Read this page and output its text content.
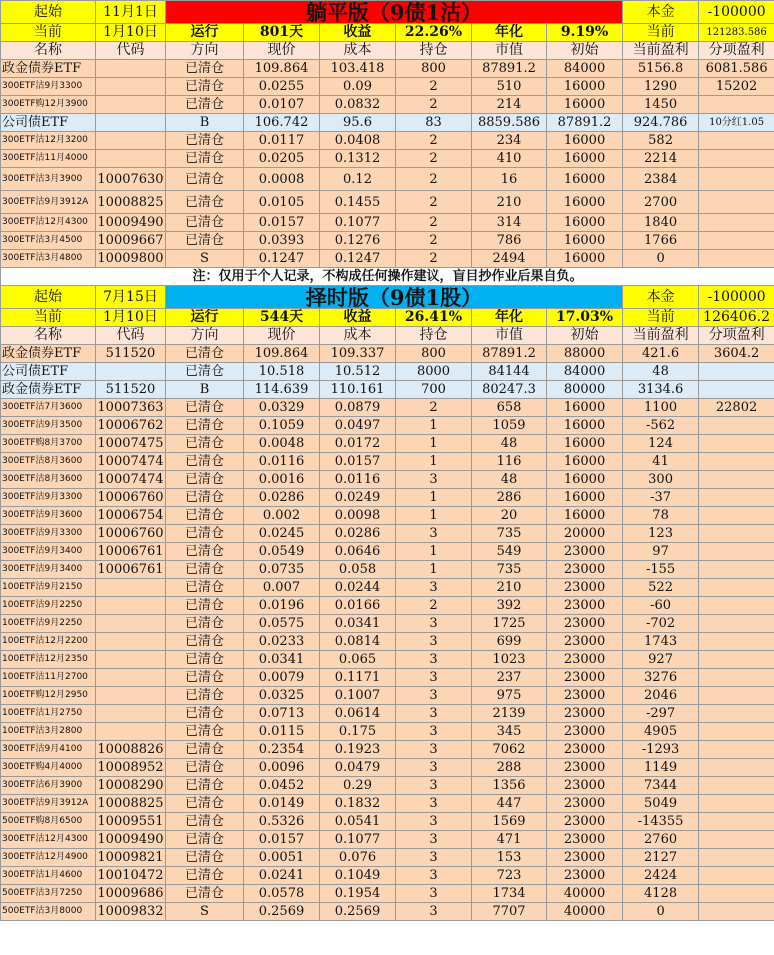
起始	11月1日	躺平版（9债1沽）						本金	-100000
当前	1月10日	运行	801天	收益	22.26%	年化	9.19%	当前	121283.586
名称	代码	方向	现价	成本	持仓	市值	初始	当前盈利	分项盈利
政金债券ETF		已清仓	109.864	103.418	800	87891.2	84000	5156.8	6081.586
300ETF沽9月3300		已清仓	0.0255	0.09	2	510	16000	1290	15202
300ETF购12月3900		已清仓	0.0107	0.0832	2	214	16000	1450	
公司债ETF		B	106.742	95.6	83	8859.586	87891.2	924.786	10分红1.05
300ETF沽12月3200		已清仓	0.0117	0.0408	2	234	16000	582	
300ETF沽11月4000		已清仓	0.0205	0.1312	2	410	16000	2214	
300ETF沽3月3900	10007630	已清仓	0.0008	0.12	2	16	16000	2384	
300ETF沽9月3912A	10008825	已清仓	0.0105	0.1455	2	210	16000	2700	
300ETF沽12月4300	10009490	已清仓	0.0157	0.1077	2	314	16000	1840	
300ETF沽3月4500	10009667	已清仓	0.0393	0.1276	2	786	16000	1766	
300ETF沽3月4800	10009800	S	0.1247	0.1247	2	2494	16000	0	
注：仅用于个人记录，不构成任何操作建议，盲目抄作业后果自负。									
起始	7月15日	择时版（9债1股）						本金	-100000
当前	1月10日	运行	544天	收益	26.41%	年化	17.03%	当前	126406.2
名称	代码	方向	现价	成本	持仓	市值	初始	当前盈利	分项盈利
政金债券ETF	511520	已清仓	109.864	109.337	800	87891.2	88000	421.6	3604.2
公司债ETF		已清仓	10.518	10.512	8000	84144	84000	48	
政金债券ETF	511520	B	114.639	110.161	700	80247.3	80000	3134.6	
300ETF沽7月3600	10007363	已清仓	0.0329	0.0879	2	658	16000	1100	22802
300ETF沽9月3500	10006762	已清仓	0.1059	0.0497	1	1059	16000	-562	
300ETF购8月3700	10007475	已清仓	0.0048	0.0172	1	48	16000	124	
300ETF沽8月3600	10007474	已清仓	0.0116	0.0157	1	116	16000	41	
300ETF沽8月3600	10007474	已清仓	0.0016	0.0116	3	48	16000	300	
300ETF沽9月3300	10006760	已清仓	0.0286	0.0249	1	286	16000	-37	
300ETF沽9月3600	10006754	已清仓	0.002	0.0098	1	20	16000	78	
300ETF沽9月3300	10006760	已清仓	0.0245	0.0286	3	735	20000	123	
300ETF沽9月3400	10006761	已清仓	0.0549	0.0646	1	549	23000	97	
300ETF沽9月3400	10006761	已清仓	0.0735	0.058	1	735	23000	-155	
100ETF沽9月2150		已清仓	0.007	0.0244	3	210	23000	522	
100ETF沽9月2250		已清仓	0.0196	0.0166	2	392	23000	-60	
100ETF沽9月2250		已清仓	0.0575	0.0341	3	1725	23000	-702	
100ETF沽12月2200		已清仓	0.0233	0.0814	3	699	23000	1743	
100ETF沽12月2350		已清仓	0.0341	0.065	3	1023	23000	927	
100ETF沽11月2700		已清仓	0.0079	0.1171	3	237	23000	3276	
100ETF购12月2950		已清仓	0.0325	0.1007	3	975	23000	2046	
100ETF沽1月2750		已清仓	0.0713	0.0614	3	2139	23000	-297	
100ETF沽3月2800		已清仓	0.0115	0.175	3	345	23000	4905	
300ETF沽9月4100	10008826	已清仓	0.2354	0.1923	3	7062	23000	-1293	
300ETF购4月4000	10008952	已清仓	0.0096	0.0479	3	288	23000	1149	
300ETF沽6月3900	10008290	已清仓	0.0452	0.29	3	1356	23000	7344	
300ETF沽9月3912A	10008825	已清仓	0.0149	0.1832	3	447	23000	5049	
500ETF购8月6500	10009551	已清仓	0.5326	0.0541	3	1569	23000	-14355	
300ETF沽12月4300	10009490	已清仓	0.0157	0.1077	3	471	23000	2760	
300ETF沽12月4900	10009821	已清仓	0.0051	0.076	3	153	23000	2127	
300ETF沽1月4600	10010472	已清仓	0.0241	0.1049	3	723	23000	2424	
500ETF沽3月7250	10009686	已清仓	0.0578	0.1954	3	1734	40000	4128	
500ETF沽3月8000	10009832	S	0.2569	0.2569	3	7707	40000	0	
